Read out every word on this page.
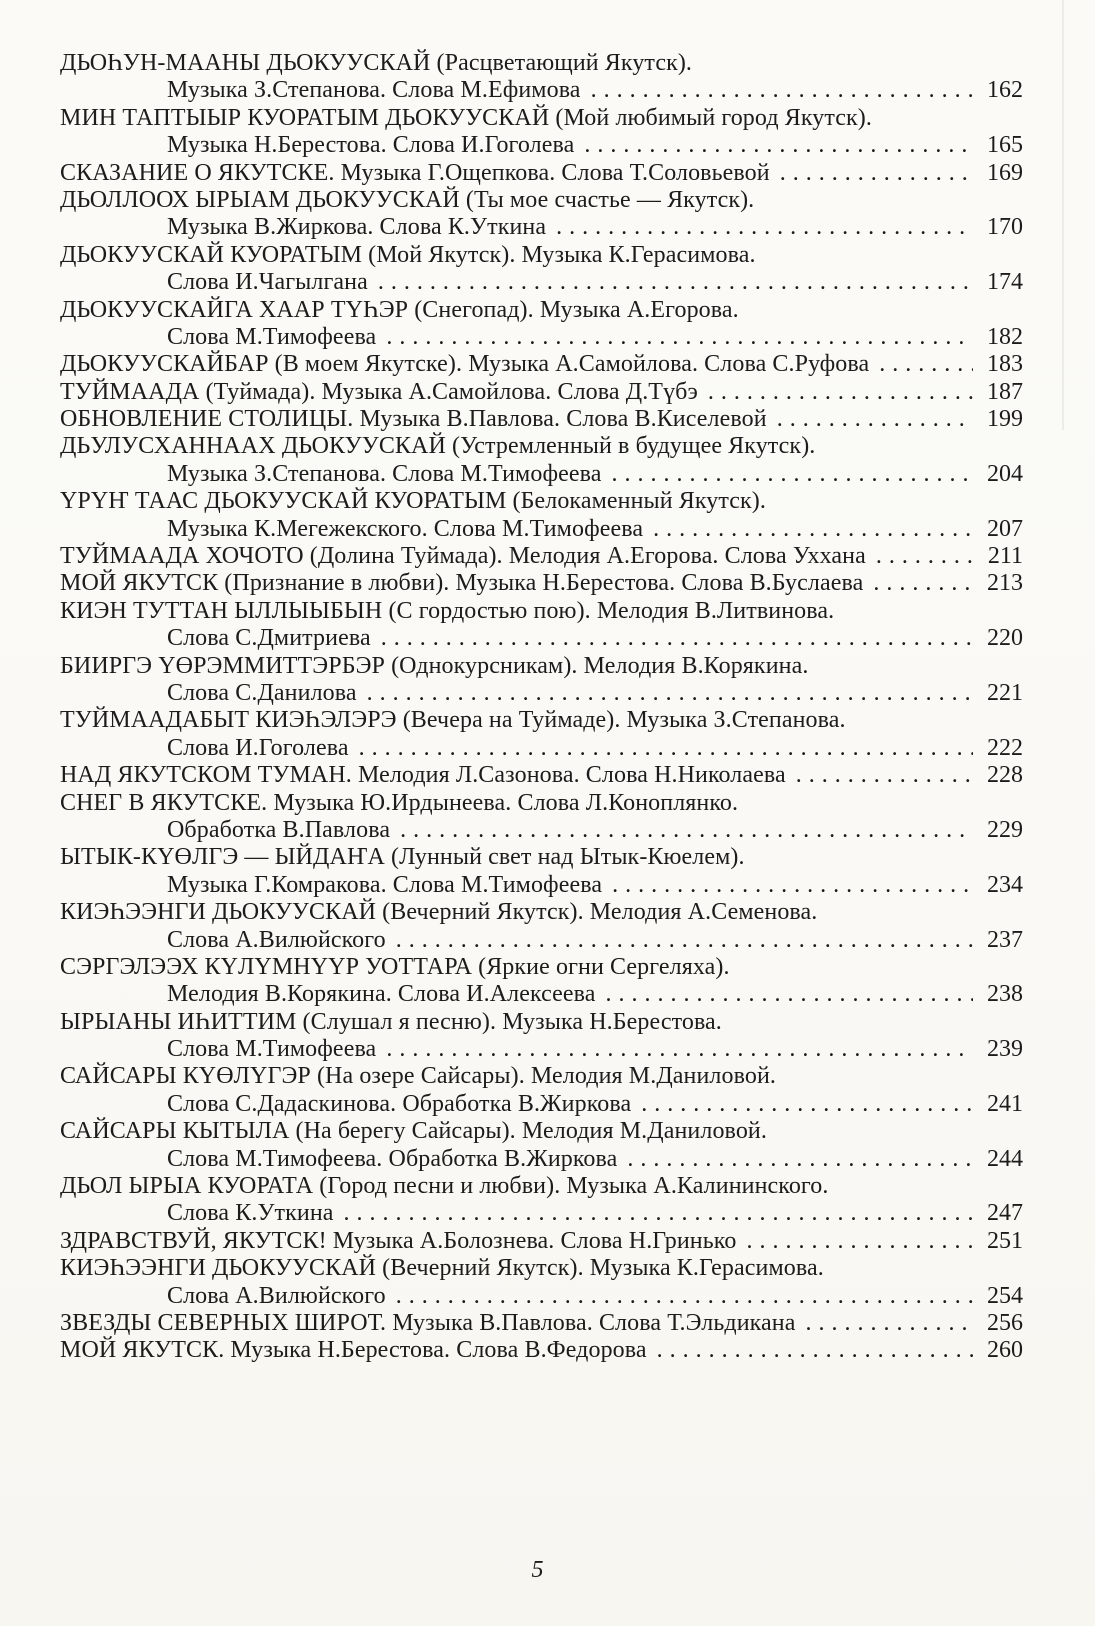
ДЬОҺУН-МААНЫ ДЬОКУУСКАЙ (Расцветающий Якутск).
Музыка З.Степанова. Слова М.Ефимова .....	162
МИН ТАПТЫЫР КУОРАТЫМ ДЬОКУУСКАЙ (Мой любимый город Якутск).
Музыка Н.Берестова. Слова И.Гоголева .....	165
СКАЗАНИЕ О ЯКУТСКЕ. Музыка Г.Ощепкова. Слова Т.Соловьевой .....	169
ДЬОЛЛООХ ЫРЫАМ ДЬОКУУСКАЙ (Ты мое счастье — Якутск).
Музыка В.Жиркова. Слова К.Уткина .....	170
ДЬОКУУСКАЙ КУОРАТЫМ (Мой Якутск). Музыка К.Герасимова.
Слова И.Чагылгана .....	174
ДЬОКУУСКАЙГА ХААР ТҮҺЭР (Снегопад). Музыка А.Егорова.
Слова М.Тимофеева .....	182
ДЬОКУУСКАЙБАР (В моем Якутске). Музыка А.Самойлова. Слова С.Руфова .....	183
ТУЙМААДА (Туймада). Музыка А.Самойлова. Слова Д.Түбэ .....	187
ОБНОВЛЕНИЕ СТОЛИЦЫ. Музыка В.Павлова. Слова В.Киселевой .....	199
ДЬУЛУСХАННААХ ДЬОКУУСКАЙ (Устремленный в будущее Якутск).
Музыка З.Степанова. Слова М.Тимофеева .....	204
ҮРҮҤ ТААС ДЬОКУУСКАЙ КУОРАТЫМ (Белокаменный Якутск).
Музыка К.Мегежекского. Слова М.Тимофеева .....	207
ТУЙМААДА ХОЧОТО (Долина Туймада). Мелодия А.Егорова. Слова Уххана .....	211
МОЙ ЯКУТСК (Признание в любви). Музыка Н.Берестова. Слова В.Буслаева .....	213
КИЭН ТУТТАН ЫЛЛЫЫБЫН (С гордостью пою). Мелодия В.Литвинова.
Слова С.Дмитриева .....	220
БИИРГЭ ҮӨРЭММИТТЭРБЭР (Однокурсникам). Мелодия В.Корякина.
Слова С.Данилова .....	221
ТУЙМААДАБЫТ КИЭҺЭЛЭРЭ (Вечера на Туймаде). Музыка З.Степанова.
Слова И.Гоголева .....	222
НАД ЯКУТСКОМ ТУМАН. Мелодия Л.Сазонова. Слова Н.Николаева .....	228
СНЕГ В ЯКУТСКЕ. Музыка Ю.Ирдынеева. Слова Л.Коноплянко.
Обработка В.Павлова .....	229
ЫТЫК-КҮӨЛГЭ — ЫЙДАҤА (Лунный свет над Ытык-Кюелем).
Музыка Г.Комракова. Слова М.Тимофеева .....	234
КИЭҺЭЭНГИ ДЬОКУУСКАЙ (Вечерний Якутск). Мелодия А.Семенова.
Слова А.Вилюйского .....	237
СЭРГЭЛЭЭХ КҮЛҮМНҮҮР УОТТАРА (Яркие огни Сергеляха).
Мелодия В.Корякина. Слова И.Алексеева .....	238
ЫРЫАНЫ ИҺИТТИМ (Слушал я песню). Музыка Н.Берестова.
Слова М.Тимофеева .....	239
САЙСАРЫ КҮӨЛҮГЭР (На озере Сайсары). Мелодия М.Даниловой.
Слова С.Дадаскинова. Обработка В.Жиркова .....	241
САЙСАРЫ КЫТЫЛА (На берегу Сайсары). Мелодия М.Даниловой.
Слова М.Тимофеева. Обработка В.Жиркова .....	244
ДЬОЛ ЫРЫА КУОРАТА (Город песни и любви). Музыка А.Калининского.
Слова К.Уткина .....	247
ЗДРАВСТВУЙ, ЯКУТСК! Музыка А.Болознева. Слова Н.Гринько .....	251
КИЭҺЭЭНГИ ДЬОКУУСКАЙ (Вечерний Якутск). Музыка К.Герасимова.
Слова А.Вилюйского .....	254
ЗВЕЗДЫ СЕВЕРНЫХ ШИРОТ. Музыка В.Павлова. Слова Т.Эльдикана .....	256
МОЙ ЯКУТСК. Музыка Н.Берестова. Слова В.Федорова .....	260
5
